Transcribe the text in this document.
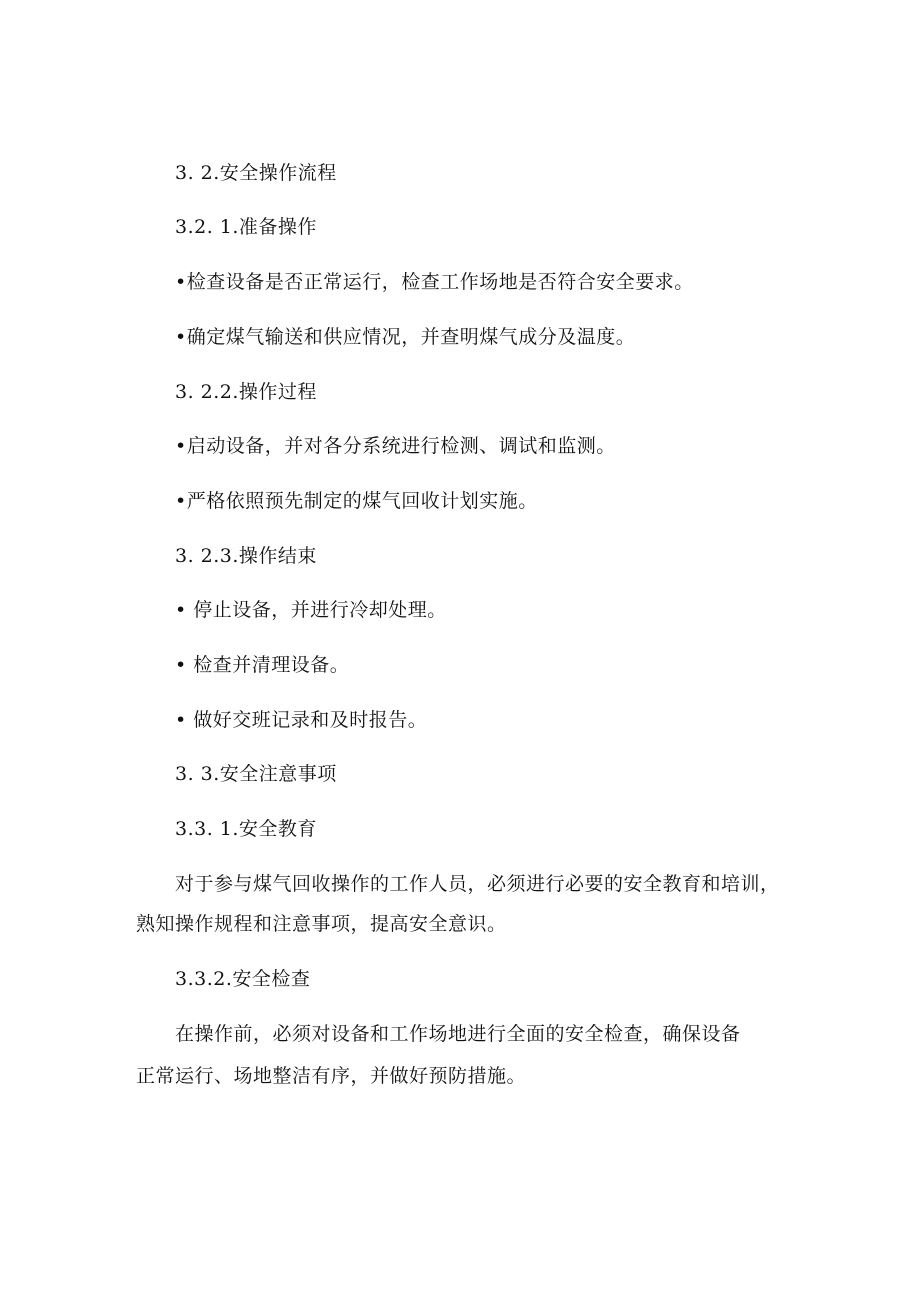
3. 2.安全操作流程

3.2. 1.准备操作

•检查设备是否正常运行，检查工作场地是否符合安全要求。

•确定煤气输送和供应情况，并查明煤气成分及温度。

3. 2.2.操作过程

•启动设备，并对各分系统进行检测、调试和监测。

•严格依照预先制定的煤气回收计划实施。

3. 2.3.操作结束

• 停止设备，并进行冷却处理。

• 检查并清理设备。

• 做好交班记录和及时报告。

3. 3.安全注意事项

3.3. 1.安全教育

对于参与煤气回收操作的工作人员，必须进行必要的安全教育和培训，

熟知操作规程和注意事项，提高安全意识。

3.3.2.安全检查

在操作前，必须对设备和工作场地进行全面的安全检查，确保设备

正常运行、场地整洁有序，并做好预防措施。
